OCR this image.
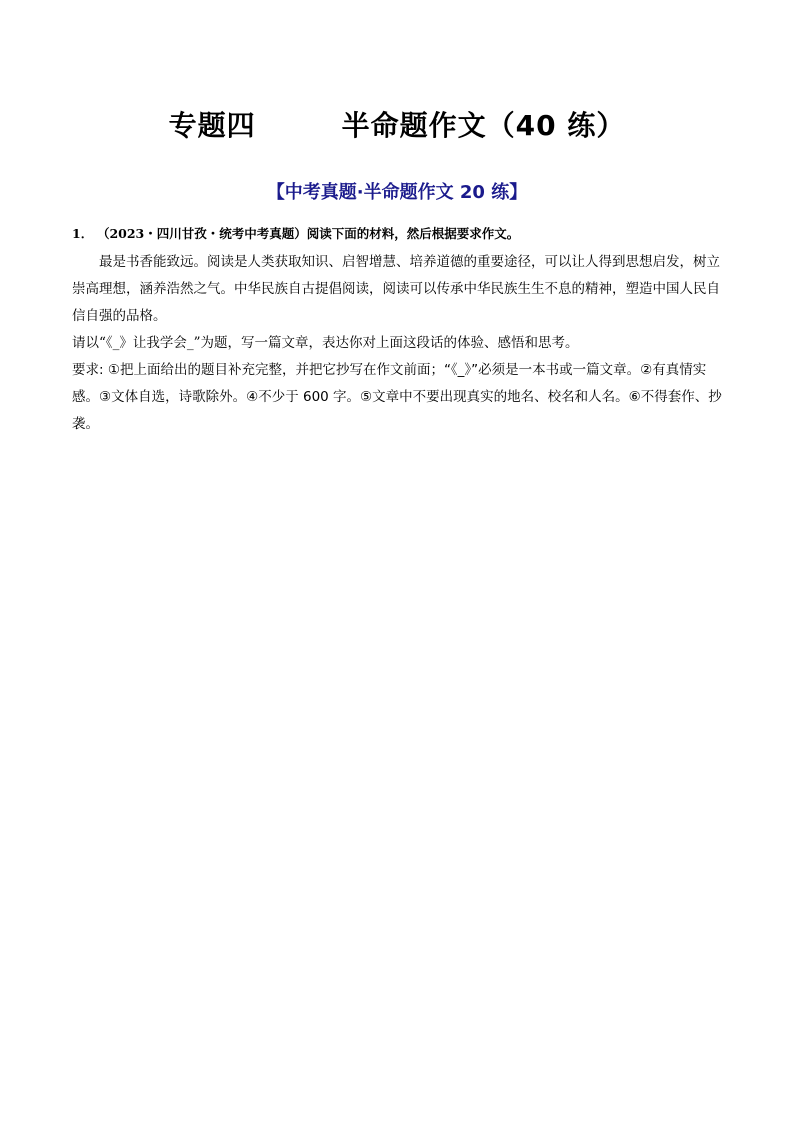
专题四        半命题作文（40 练）
【中考真题·半命题作文 20 练】
1． （2023・四川甘孜・统考中考真题）阅读下面的材料，然后根据要求作文。

最是书香能致远。阅读是人类获取知识、启智增慧、培养道德的重要途径，可以让人得到思想启发，树立崇高理想，涵养浩然之气。中华民族自古提倡阅读，阅读可以传承中华民族生生不息的精神，塑造中国人民自信自强的品格。

请以“《_》让我学会_”为题，写一篇文章，表达你对上面这段话的体验、感悟和思考。

要求: ①把上面给出的题目补充完整，并把它抄写在作文前面；“《_》”必须是一本书或一篇文章。②有真情实感。③文体自选，诗歌除外。④不少于 600 字。⑤文章中不要出现真实的地名、校名和人名。⑥不得套作、抄袭。
